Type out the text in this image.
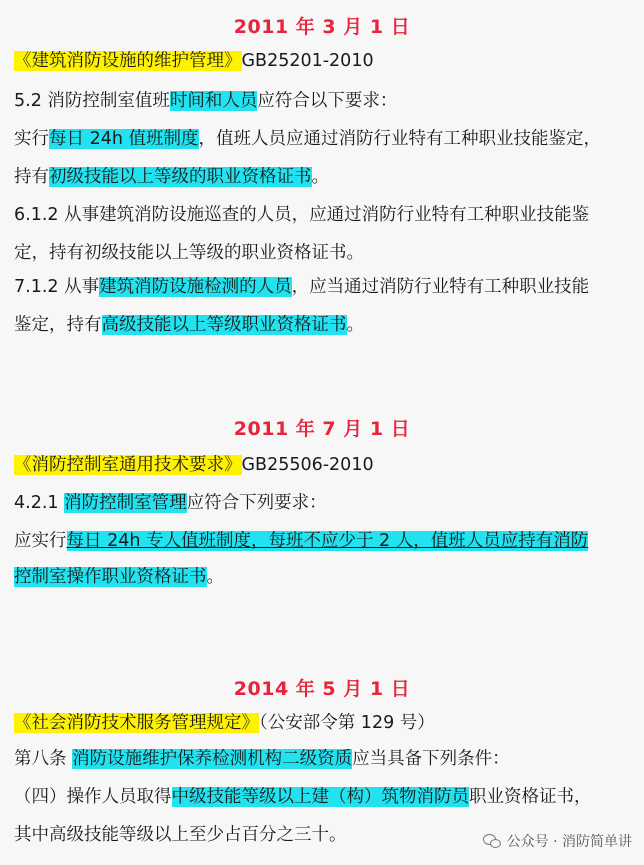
2011 年 3 月 1 日
《建筑消防设施的维护管理》GB25201-2010
5.2 消防控制室值班时间和人员应符合以下要求：
实行每日 24h 值班制度，值班人员应通过消防行业特有工种职业技能鉴定，
持有初级技能以上等级的职业资格证书。
6.1.2 从事建筑消防设施巡查的人员，应通过消防行业特有工种职业技能鉴
定，持有初级技能以上等级的职业资格证书。
7.1.2 从事建筑消防设施检测的人员，应当通过消防行业特有工种职业技能
鉴定，持有高级技能以上等级职业资格证书。
2011 年 7 月 1 日
《消防控制室通用技术要求》GB25506-2010
4.2.1 消防控制室管理应符合下列要求：
应实行每日 24h 专人值班制度，每班不应少于 2 人，值班人员应持有消防
控制室操作职业资格证书。
2014 年 5 月 1 日
《社会消防技术服务管理规定》（公安部令第 129 号）
第八条 消防设施维护保养检测机构二级资质应当具备下列条件：
（四）操作人员取得中级技能等级以上建（构）筑物消防员职业资格证书，
其中高级技能等级以上至少占百分之三十。	公众号 · 消防简单讲
